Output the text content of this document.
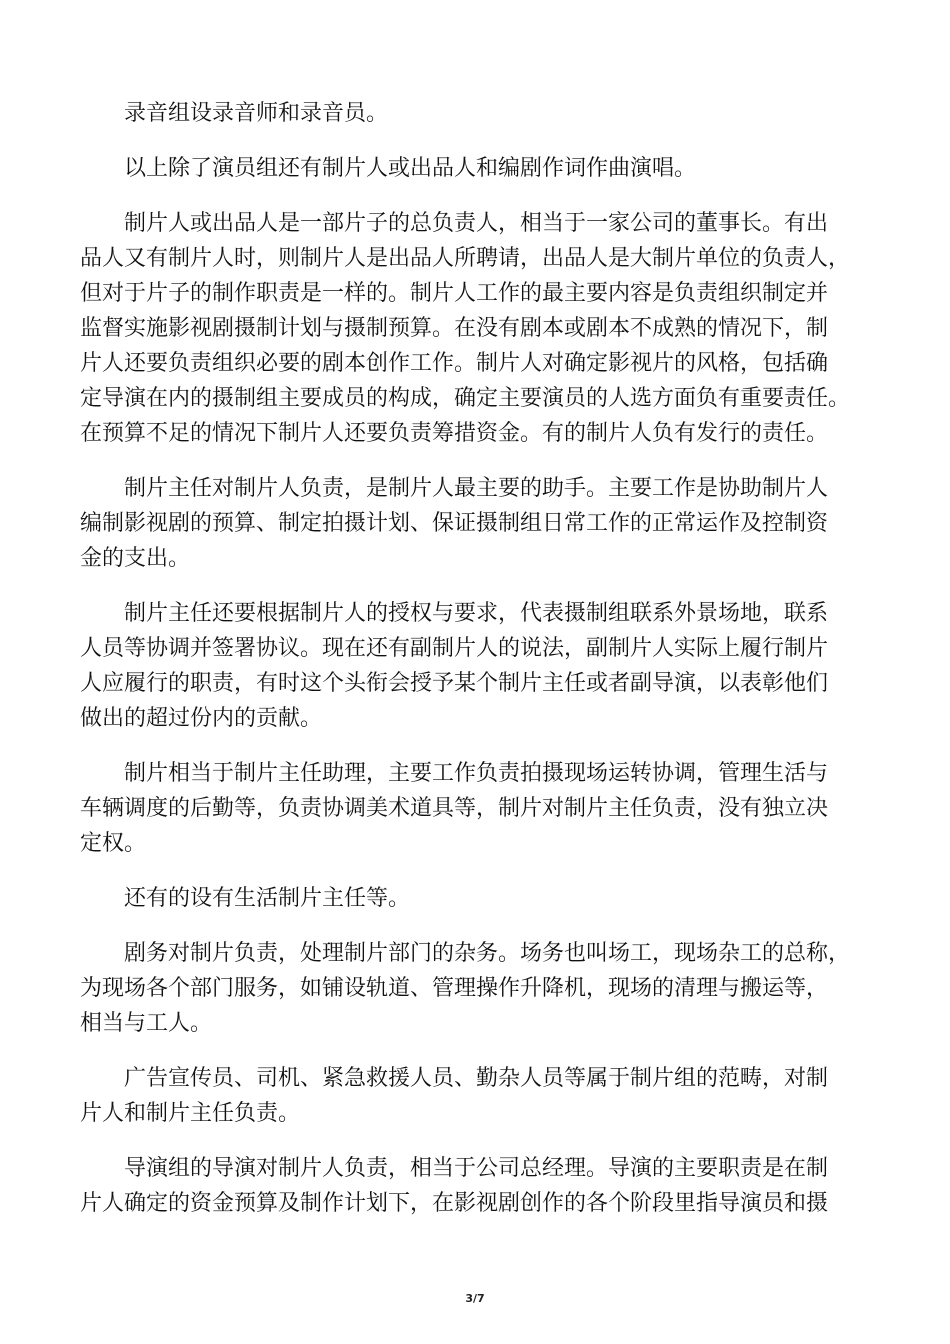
录音组设录音师和录音员。

以上除了演员组还有制片人或出品人和编剧作词作曲演唱。

制片人或出品人是一部片子的总负责人，相当于一家公司的董事长。有出
品人又有制片人时，则制片人是出品人所聘请，出品人是大制片单位的负责人，
但对于片子的制作职责是一样的。制片人工作的最主要内容是负责组织制定并
监督实施影视剧摄制计划与摄制预算。在没有剧本或剧本不成熟的情况下，制
片人还要负责组织必要的剧本创作工作。制片人对确定影视片的风格，包括确
定导演在内的摄制组主要成员的构成，确定主要演员的人选方面负有重要责任。
在预算不足的情况下制片人还要负责筹措资金。有的制片人负有发行的责任。

制片主任对制片人负责，是制片人最主要的助手。主要工作是协助制片人
编制影视剧的预算、制定拍摄计划、保证摄制组日常工作的正常运作及控制资
金的支出。

制片主任还要根据制片人的授权与要求，代表摄制组联系外景场地，联系
人员等协调并签署协议。现在还有副制片人的说法，副制片人实际上履行制片
人应履行的职责，有时这个头衔会授予某个制片主任或者副导演，以表彰他们
做出的超过份内的贡献。

制片相当于制片主任助理，主要工作负责拍摄现场运转协调，管理生活与
车辆调度的后勤等，负责协调美术道具等，制片对制片主任负责，没有独立决
定权。

还有的设有生活制片主任等。

剧务对制片负责，处理制片部门的杂务。场务也叫场工，现场杂工的总称，
为现场各个部门服务，如铺设轨道、管理操作升降机，现场的清理与搬运等，
相当与工人。

广告宣传员、司机、紧急救援人员、勤杂人员等属于制片组的范畴，对制
片人和制片主任负责。

导演组的导演对制片人负责，相当于公司总经理。导演的主要职责是在制
片人确定的资金预算及制作计划下，在影视剧创作的各个阶段里指导演员和摄

3/7
